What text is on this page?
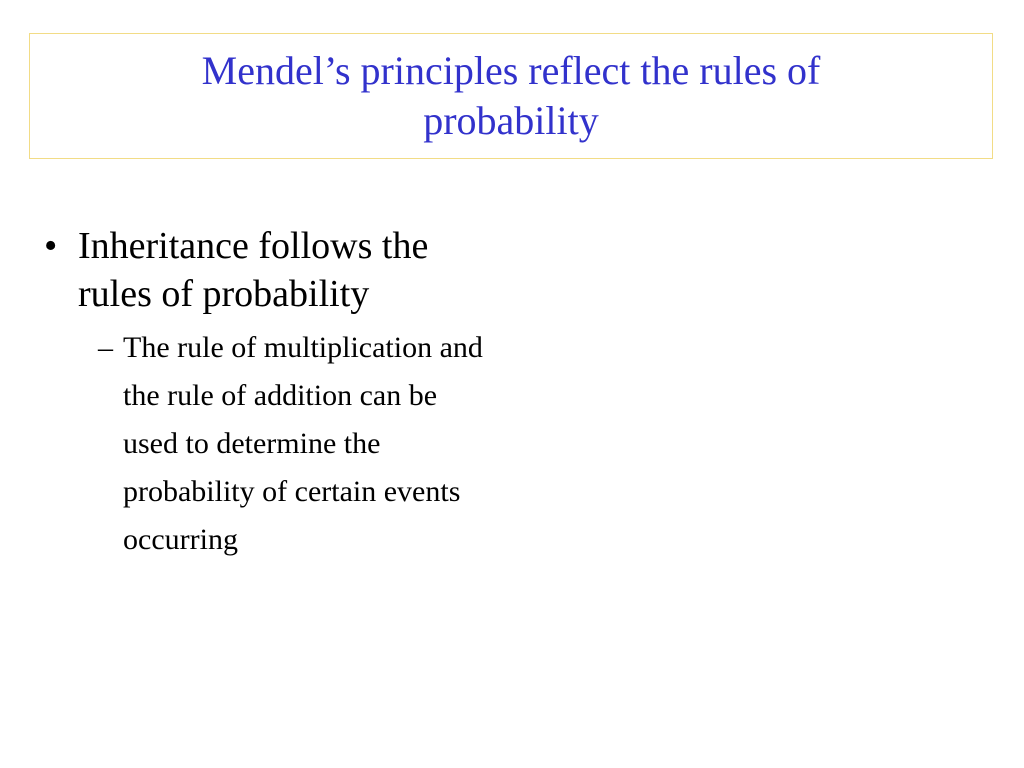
Mendel’s principles reflect the rules of probability
• Inheritance follows the rules of probability
– The rule of multiplication and the rule of addition can be used to determine the probability of certain events occurring
